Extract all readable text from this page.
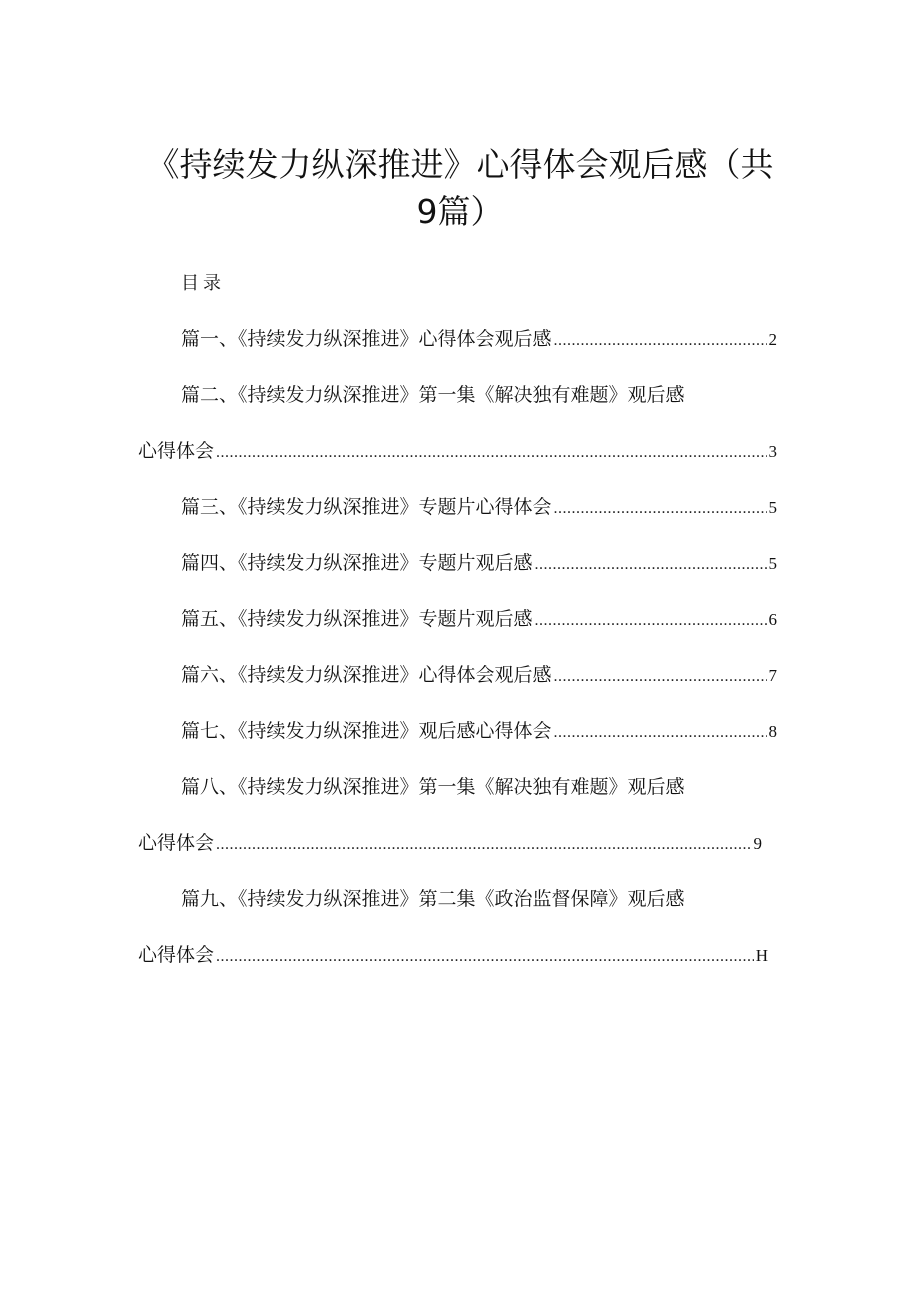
《持续发力纵深推进》心得体会观后感（共
9篇）
目录
篇一、《持续发力纵深推进》心得体会观后感 .....	2
篇二、《持续发力纵深推进》第一集《解决独有难题》观后感
心得体会 .....	3
篇三、《持续发力纵深推进》专题片心得体会 .....	5
篇四、《持续发力纵深推进》专题片观后感 .....	5
篇五、《持续发力纵深推进》专题片观后感 .....	6
篇六、《持续发力纵深推进》心得体会观后感 .....	7
篇七、《持续发力纵深推进》观后感心得体会 .....	8
篇八、《持续发力纵深推进》第一集《解决独有难题》观后感
心得体会 .....	9
篇九、《持续发力纵深推进》第二集《政治监督保障》观后感
心得体会 .....	H
